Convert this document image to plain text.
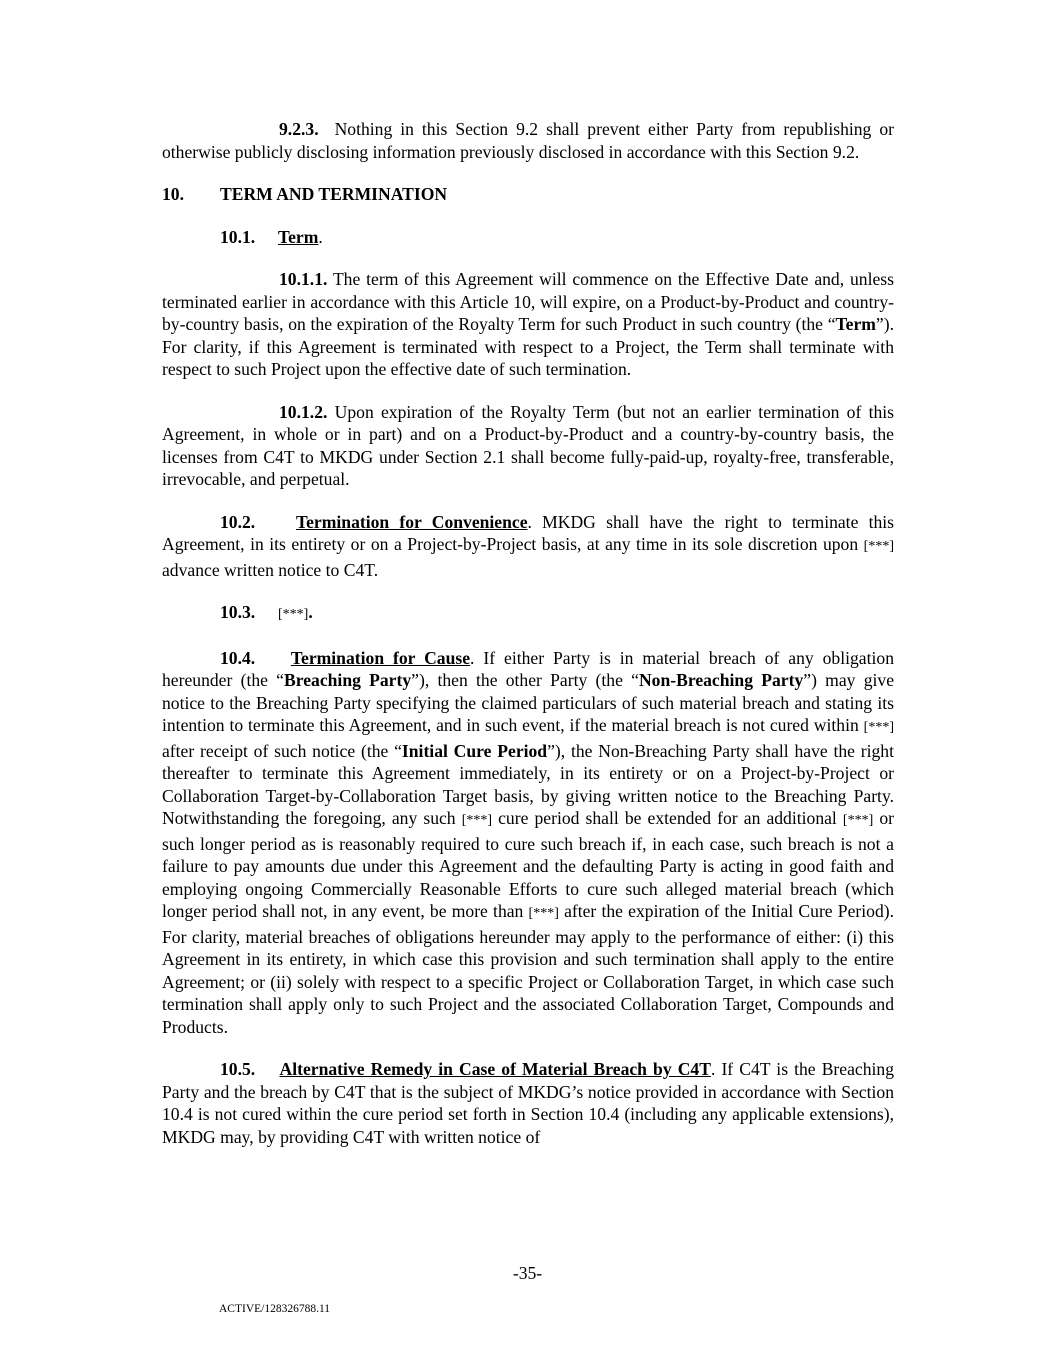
9.2.3. Nothing in this Section 9.2 shall prevent either Party from republishing or otherwise publicly disclosing information previously disclosed in accordance with this Section 9.2.

10. TERM AND TERMINATION
10.1. Term.

10.1.1. The term of this Agreement will commence on the Effective Date and, unless terminated earlier in accordance with this Article 10, will expire, on a Product-by-Product and country-by-country basis, on the expiration of the Royalty Term for such Product in such country (the “Term”). For clarity, if this Agreement is terminated with respect to a Project, the Term shall terminate with respect to such Project upon the effective date of such termination.

10.1.2. Upon expiration of the Royalty Term (but not an earlier termination of this Agreement, in whole or in part) and on a Product-by-Product and a country-by-country basis, the licenses from C4T to MKDG under Section 2.1 shall become fully-paid-up, royalty-free, transferable, irrevocable, and perpetual.

10.2. Termination for Convenience. MKDG shall have the right to terminate this Agreement, in its entirety or on a Project-by-Project basis, at any time in its sole discretion upon [***] advance written notice to C4T.

10.3. [***].

10.4. Termination for Cause. If either Party is in material breach of any obligation hereunder (the “Breaching Party”), then the other Party (the “Non-Breaching Party”) may give notice to the Breaching Party specifying the claimed particulars of such material breach and stating its intention to terminate this Agreement, and in such event, if the material breach is not cured within [***] after receipt of such notice (the “Initial Cure Period”), the Non-Breaching Party shall have the right thereafter to terminate this Agreement immediately, in its entirety or on a Project-by-Project or Collaboration Target-by-Collaboration Target basis, by giving written notice to the Breaching Party. Notwithstanding the foregoing, any such [***] cure period shall be extended for an additional [***] or such longer period as is reasonably required to cure such breach if, in each case, such breach is not a failure to pay amounts due under this Agreement and the defaulting Party is acting in good faith and employing ongoing Commercially Reasonable Efforts to cure such alleged material breach (which longer period shall not, in any event, be more than [***] after the expiration of the Initial Cure Period). For clarity, material breaches of obligations hereunder may apply to the performance of either: (i) this Agreement in its entirety, in which case this provision and such termination shall apply to the entire Agreement; or (ii) solely with respect to a specific Project or Collaboration Target, in which case such termination shall apply only to such Project and the associated Collaboration Target, Compounds and Products.

10.5. Alternative Remedy in Case of Material Breach by C4T. If C4T is the Breaching Party and the breach by C4T that is the subject of MKDG’s notice provided in accordance with Section 10.4 is not cured within the cure period set forth in Section 10.4 (including any applicable extensions), MKDG may, by providing C4T with written notice of

-35-
ACTIVE/128326788.11
